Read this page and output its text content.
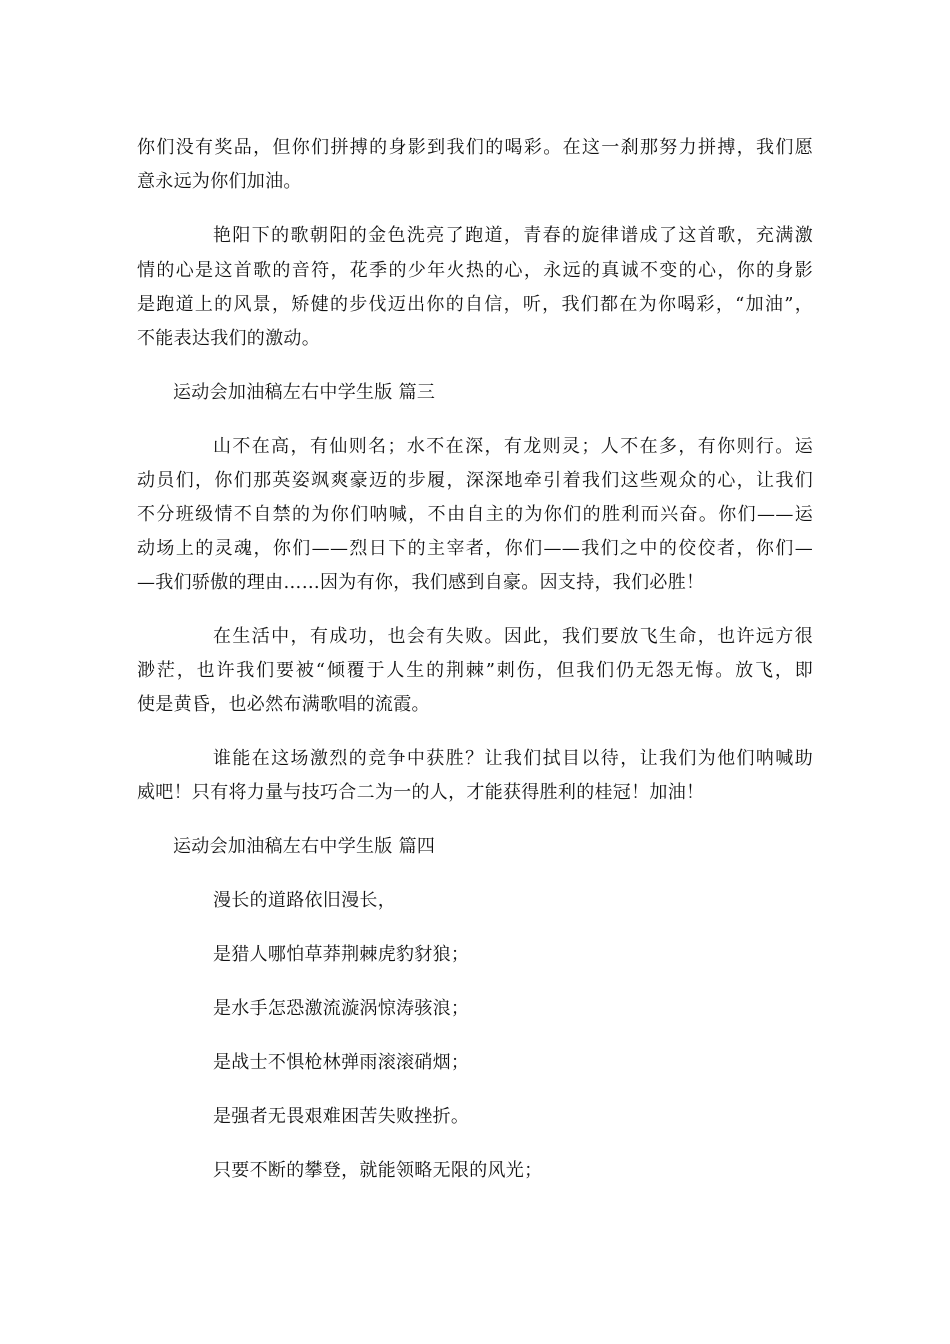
你们没有奖品，但你们拼搏的身影到我们的喝彩。在这一刹那努力拼搏，我们愿
意永远为你们加油。
艳阳下的歌朝阳的金色洗亮了跑道，青春的旋律谱成了这首歌，充满激
情的心是这首歌的音符，花季的少年火热的心，永远的真诚不变的心，你的身影
是跑道上的风景，矫健的步伐迈出你的自信，听，我们都在为你喝彩，“加油”，
不能表达我们的激动。
运动会加油稿左右中学生版 篇三
山不在高，有仙则名；水不在深，有龙则灵；人不在多，有你则行。运
动员们，你们那英姿飒爽豪迈的步履，深深地牵引着我们这些观众的心，让我们
不分班级情不自禁的为你们呐喊，不由自主的为你们的胜利而兴奋。你们——运
动场上的灵魂，你们——烈日下的主宰者，你们——我们之中的佼佼者，你们—
—我们骄傲的理由……因为有你，我们感到自豪。因支持，我们必胜！
在生活中，有成功，也会有失败。因此，我们要放飞生命，也许远方很
渺茫，也许我们要被“倾覆于人生的荆棘”刺伤，但我们仍无怨无悔。放飞，即
使是黄昏，也必然布满歌唱的流霞。
谁能在这场激烈的竞争中获胜？让我们拭目以待，让我们为他们呐喊助
威吧！只有将力量与技巧合二为一的人，才能获得胜利的桂冠！加油！
运动会加油稿左右中学生版 篇四
漫长的道路依旧漫长，
是猎人哪怕草莽荆棘虎豹豺狼；
是水手怎恐激流漩涡惊涛骇浪；
是战士不惧枪林弹雨滚滚硝烟；
是强者无畏艰难困苦失败挫折。
只要不断的攀登，就能领略无限的风光；
